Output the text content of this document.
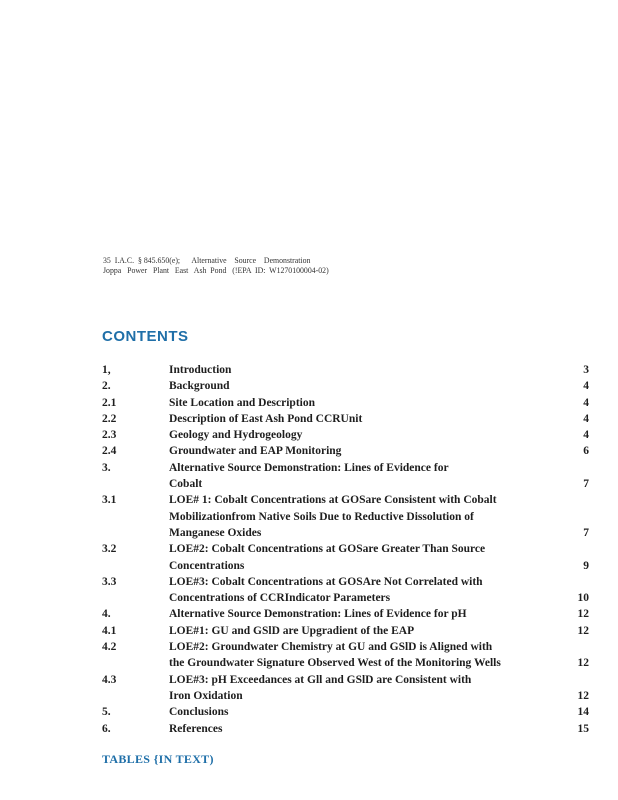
35  I.A.C.  § 845.650(e);      Alternative    Source    Demonstration
Joppa   Power   Plant   East   Ash  Pond   (!EPA  ID:  W1270100004-02)
CONTENTS
1,	Introduction	3
2.	Background	4
2.1	Site Location and Description	4
2.2	Description of East Ash Pond CCRUnit	4
2.3	Geology and Hydrogeology	4
2.4	Groundwater and EAP Monitoring	6
3.	Alternative Source Demonstration: Lines of Evidence for
Cobalt	7
3.1	LOE# 1: Cobalt Concentrations at GOSare Consistent with Cobalt
Mobilizationfrom Native Soils Due to Reductive Dissolution of
Manganese Oxides	7
3.2	LOE#2: Cobalt Concentrations at GOSare Greater Than Source
Concentrations	9
3.3	LOE#3: Cobalt Concentrations at GOSAre Not Correlated with
Concentrations of CCRIndicator Parameters	10
4.	Alternative Source Demonstration: Lines of Evidence for pH	12
4.1	LOE#1: GU and GSlD are Upgradient of the EAP	12
4.2	LOE#2: Groundwater Chemistry at GU and GSlD is Aligned with
the Groundwater Signature Observed West of the Monitoring Wells	12
4.3	LOE#3: pH Exceedances at Gll and GSlD are Consistent with
Iron Oxidation	12
5.	Conclusions	14
6.	References	15
TABLES {IN TEXT)
